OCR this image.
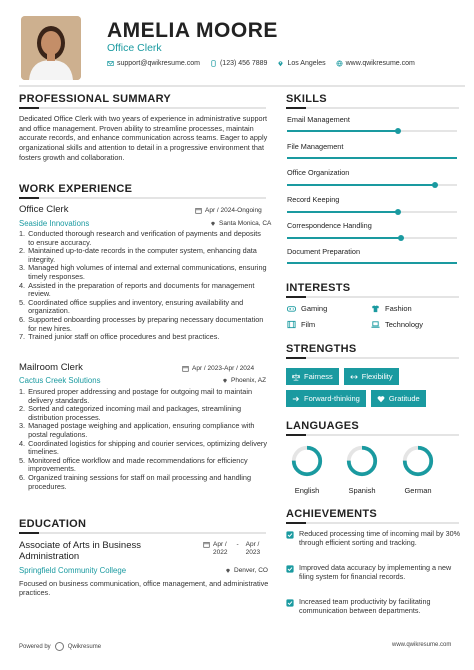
AMELIA MOORE
Office Clerk
support@qwikresume.com	(123) 456 7889	Los Angeles	www.qwikresume.com
PROFESSIONAL SUMMARY
Dedicated Office Clerk with two years of experience in administrative support and office management. Proven ability to streamline processes, maintain accurate records, and enhance communication across teams. Eager to apply organizational skills and attention to detail in a progressive environment that fosters growth and collaboration.
WORK EXPERIENCE
Office Clerk	Apr / 2024-Ongoing
Seaside Innovations	Santa Monica, CA
1. Conducted thorough research and verification of payments and deposits to ensure accuracy.
2. Maintained up-to-date records in the computer system, enhancing data integrity.
3. Managed high volumes of internal and external communications, ensuring timely responses.
4. Assisted in the preparation of reports and documents for management review.
5. Coordinated office supplies and inventory, ensuring availability and organization.
6. Supported onboarding processes by preparing necessary documentation for new hires.
7. Trained junior staff on office procedures and best practices.
Mailroom Clerk	Apr / 2023-Apr / 2024
Cactus Creek Solutions	Phoenix, AZ
1. Ensured proper addressing and postage for outgoing mail to maintain delivery standards.
2. Sorted and categorized incoming mail and packages, streamlining distribution processes.
3. Managed postage weighing and application, ensuring compliance with postal regulations.
4. Coordinated logistics for shipping and courier services, optimizing delivery timelines.
5. Monitored office workflow and made recommendations for efficiency improvements.
6. Organized training sessions for staff on mail processing and handling procedures.
EDUCATION
Associate of Arts in Business
Administration
Apr /
2022
- Apr /
2023
Springfield Community College	Denver, CO
Focused on business communication, office management, and administrative practices.
SKILLS
Email Management
File Management
Office Organization
Record Keeping
Correspondence Handling
Document Preparation
INTERESTS
Gaming	Fashion
Film	Technology
STRENGTHS
Fairness	Flexibility
Forward-thinking	Gratitude
LANGUAGES
English	Spanish	German
ACHIEVEMENTS
Reduced processing time of incoming mail by 30% through efficient sorting and tracking.
Improved data accuracy by implementing a new filing system for financial records.
Increased team productivity by facilitating communication between departments.
Powered by	Qwikresume	www.qwikresume.com
